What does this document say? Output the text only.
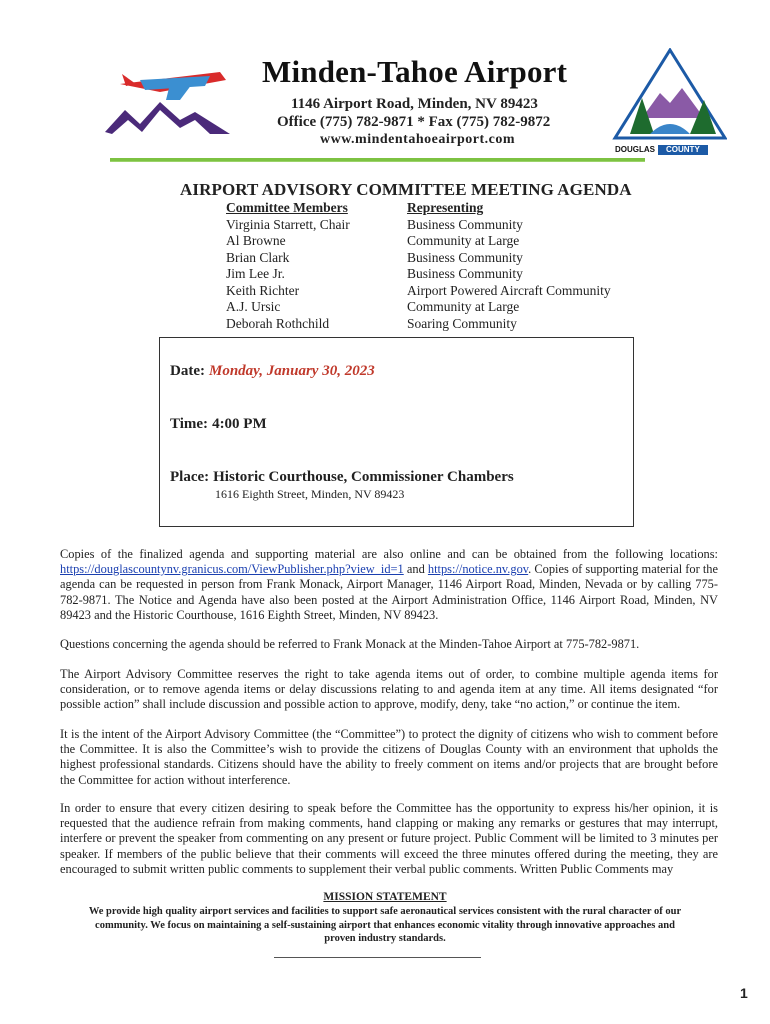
Minden-Tahoe Airport
1146 Airport Road, Minden, NV 89423
Office (775) 782-9871 * Fax (775) 782-9872
www.mindentahoeairport.com
DOUGLAS	COUNTY
AIRPORT ADVISORY COMMITTEE MEETING AGENDA
Committee Members
Virginia Starrett, Chair
Al Browne
Brian Clark
Jim Lee Jr.
Keith Richter
A.J. Ursic
Deborah Rothchild
Representing
Business Community
Community at Large
Business Community
Business Community
Airport Powered Aircraft Community
Community at Large
Soaring Community
Date: Monday, January 30, 2023
Time: 4:00 PM
Place: Historic Courthouse, Commissioner Chambers
1616 Eighth Street, Minden, NV 89423
Copies of the finalized agenda and supporting material are also online and can be obtained from the following locations: https://douglascountynv.granicus.com/ViewPublisher.php?view_id=1 and https://notice.nv.gov. Copies of supporting material for the agenda can be requested in person from Frank Monack, Airport Manager, 1146 Airport Road, Minden, Nevada or by calling 775-782-9871. The Notice and Agenda have also been posted at the Airport Administration Office, 1146 Airport Road, Minden, NV 89423 and the Historic Courthouse, 1616 Eighth Street, Minden, NV 89423.
Questions concerning the agenda should be referred to Frank Monack at the Minden-Tahoe Airport at 775-782-9871.
The Airport Advisory Committee reserves the right to take agenda items out of order, to combine multiple agenda items for consideration, or to remove agenda items or delay discussions relating to and agenda item at any time. All items designated “for possible action” shall include discussion and possible action to approve, modify, deny, take “no action,” or continue the item.
It is the intent of the Airport Advisory Committee (the “Committee”) to protect the dignity of citizens who wish to comment before the Committee. It is also the Committee’s wish to provide the citizens of Douglas County with an environment that upholds the highest professional standards. Citizens should have the ability to freely comment on items and/or projects that are brought before the Committee for action without interference.
In order to ensure that every citizen desiring to speak before the Committee has the opportunity to express his/her opinion, it is requested that the audience refrain from making comments, hand clapping or making any remarks or gestures that may interrupt, interfere or prevent the speaker from commenting on any present or future project. Public Comment will be limited to 3 minutes per speaker. If members of the public believe that their comments will exceed the three minutes offered during the meeting, they are encouraged to submit written public comments to supplement their verbal public comments. Written Public Comments may
MISSION STATEMENT
We provide high quality airport services and facilities to support safe aeronautical services consistent with the rural character of our community. We focus on maintaining a self-sustaining airport that enhances economic vitality through innovative approaches and proven industry standards.
1
